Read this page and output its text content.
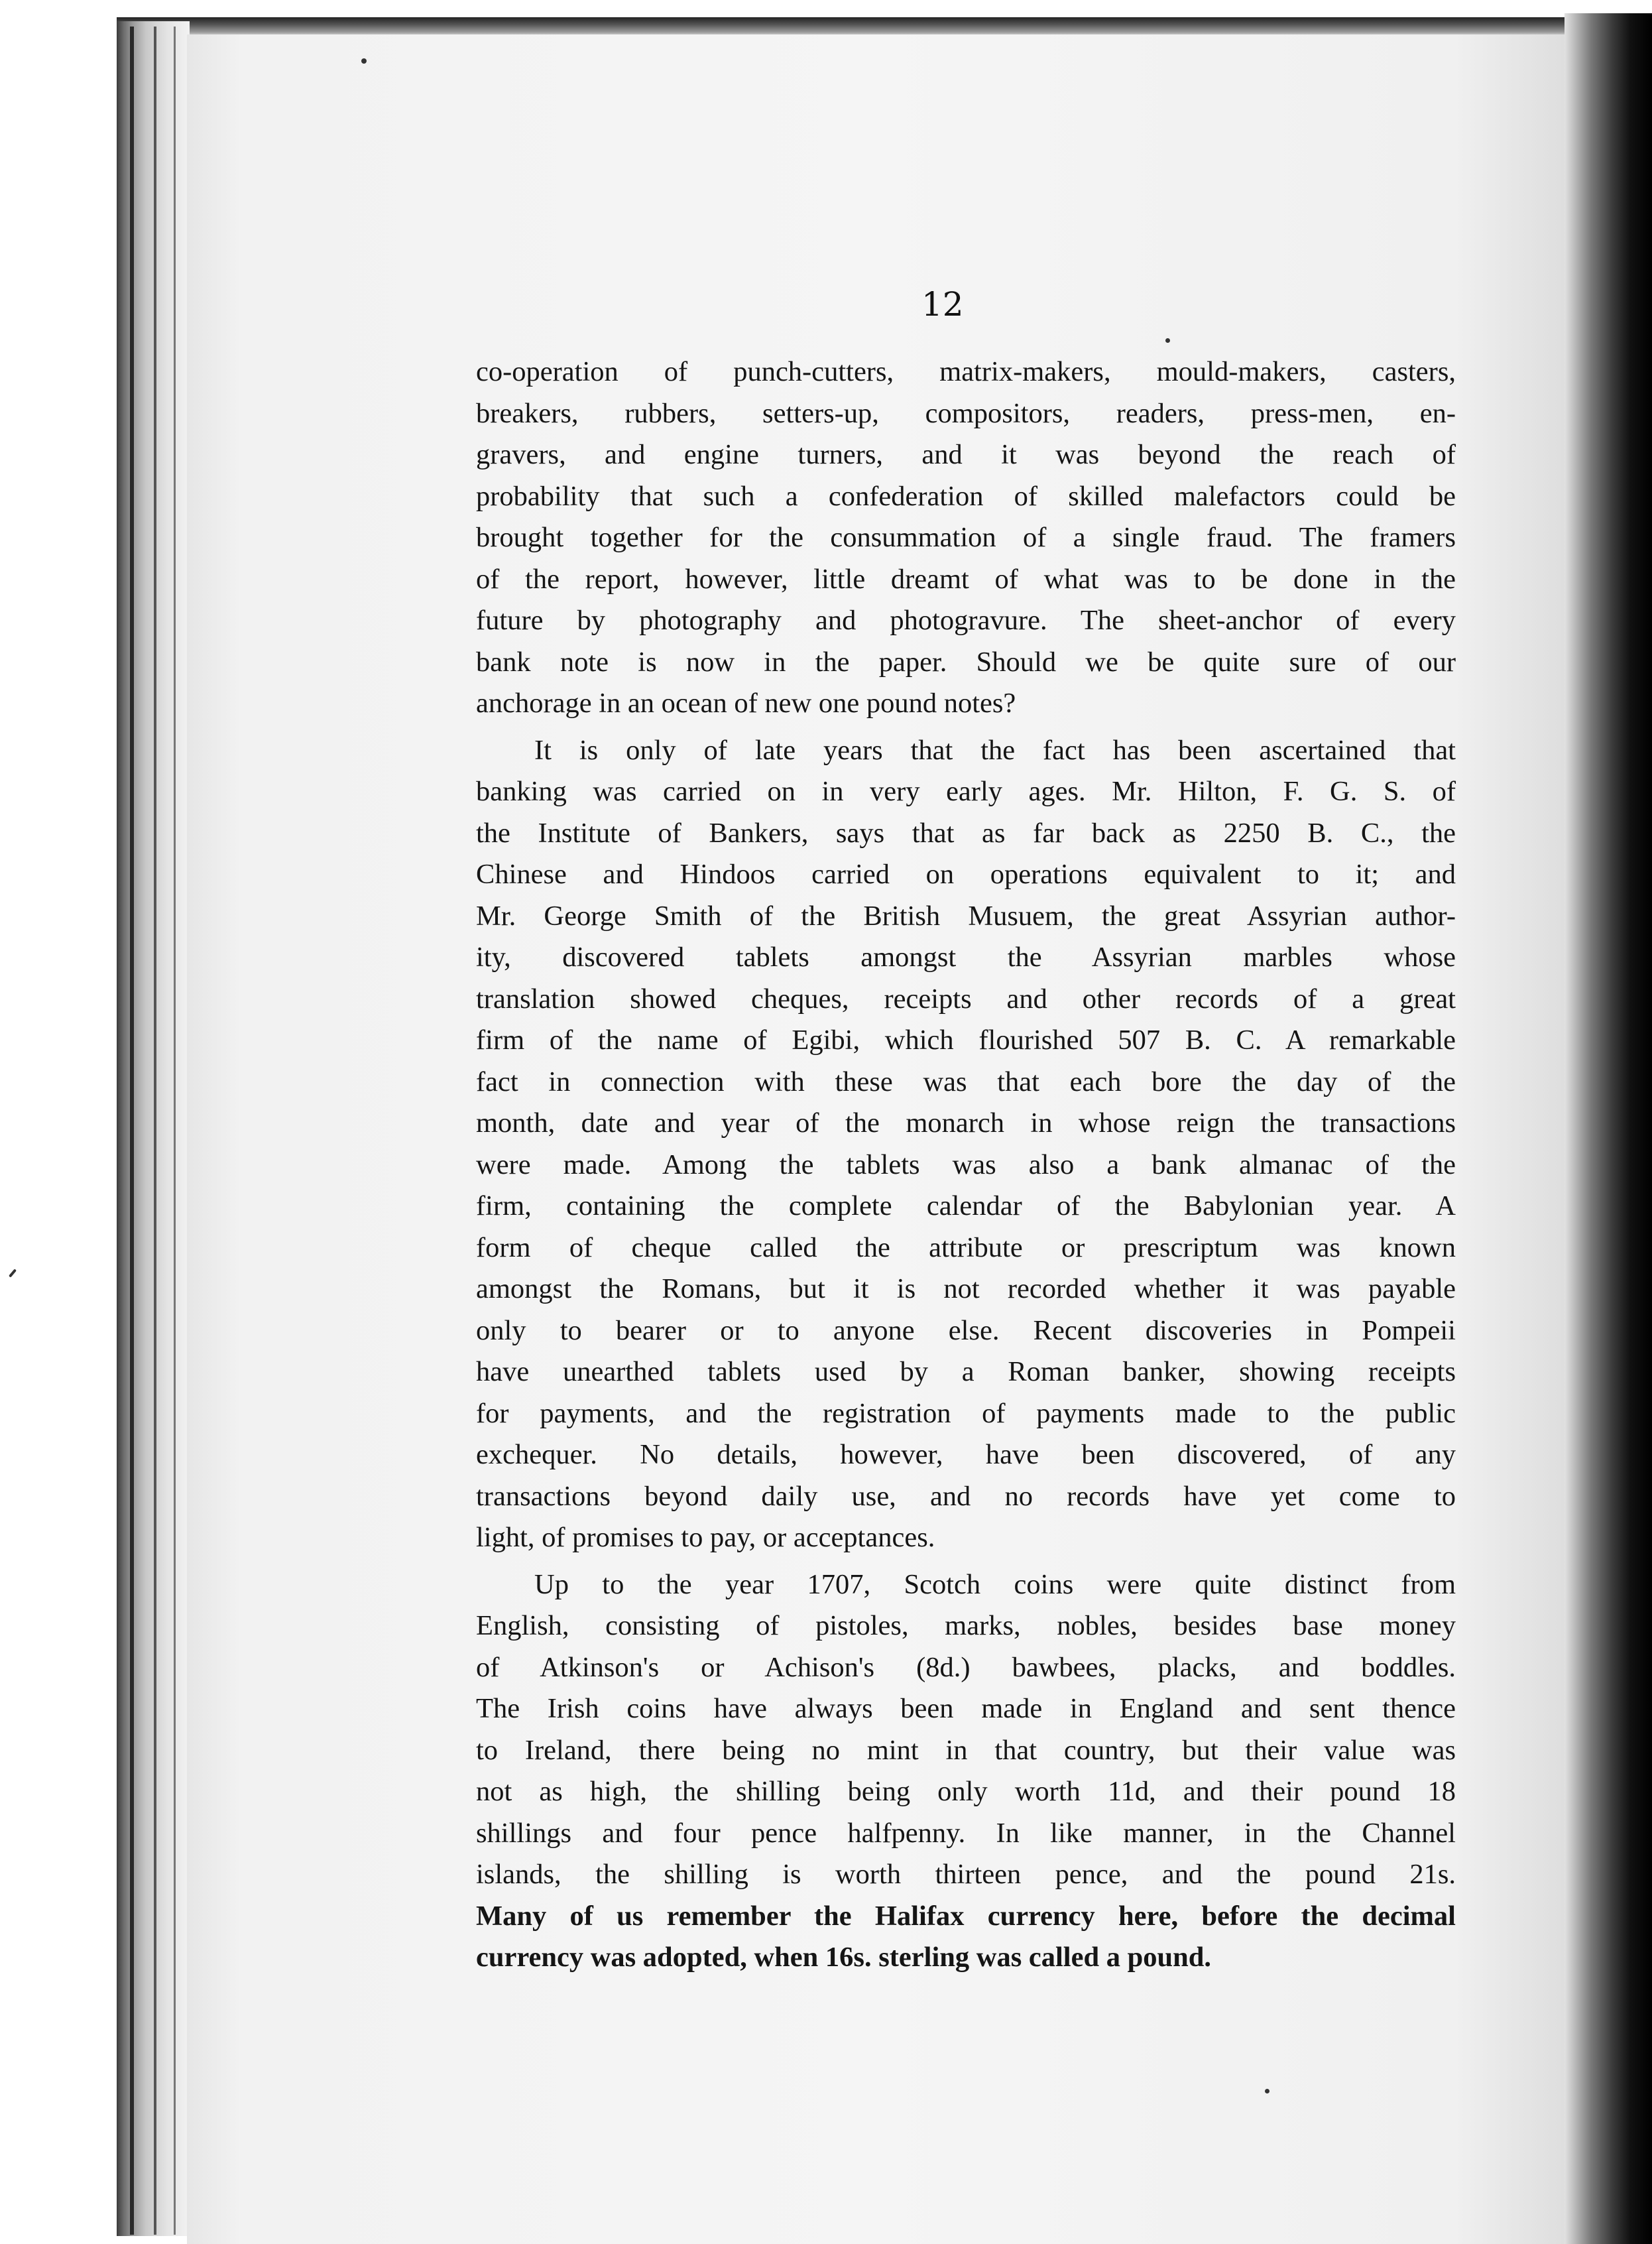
12
co-operation of punch-cutters, matrix-makers, mould-makers, casters,
breakers, rubbers, setters-up, compositors, readers, press-men, en-
gravers, and engine turners, and it was beyond the reach of
probability that such a confederation of skilled malefactors could be
brought together for the consummation of a single fraud. The framers
of the report, however, little dreamt of what was to be done in the
future by photography and photogravure. The sheet-anchor of every
bank note is now in the paper. Should we be quite sure of our
anchorage in an ocean of new one pound notes?
It is only of late years that the fact has been ascertained that
banking was carried on in very early ages. Mr. Hilton, F. G. S. of
the Institute of Bankers, says that as far back as 2250 B. C., the
Chinese and Hindoos carried on operations equivalent to it; and
Mr. George Smith of the British Musuem, the great Assyrian author-
ity, discovered tablets amongst the Assyrian marbles whose
translation showed cheques, receipts and other records of a great
firm of the name of Egibi, which flourished 507 B. C. A remarkable
fact in connection with these was that each bore the day of the
month, date and year of the monarch in whose reign the transactions
were made. Among the tablets was also a bank almanac of the
firm, containing the complete calendar of the Babylonian year. A
form of cheque called the attribute or prescriptum was known
amongst the Romans, but it is not recorded whether it was payable
only to bearer or to anyone else. Recent discoveries in Pompeii
have unearthed tablets used by a Roman banker, showing receipts
for payments, and the registration of payments made to the public
exchequer. No details, however, have been discovered, of any
transactions beyond daily use, and no records have yet come to
light, of promises to pay, or acceptances.
Up to the year 1707, Scotch coins were quite distinct from
English, consisting of pistoles, marks, nobles, besides base money
of Atkinson's or Achison's (8d.) bawbees, placks, and boddles.
The Irish coins have always been made in England and sent thence
to Ireland, there being no mint in that country, but their value was
not as high, the shilling being only worth 11d, and their pound 18
shillings and four pence halfpenny. In like manner, in the Channel
islands, the shilling is worth thirteen pence, and the pound 21s.
Many of us remember the Halifax currency here, before the decimal
currency was adopted, when 16s. sterling was called a pound.
